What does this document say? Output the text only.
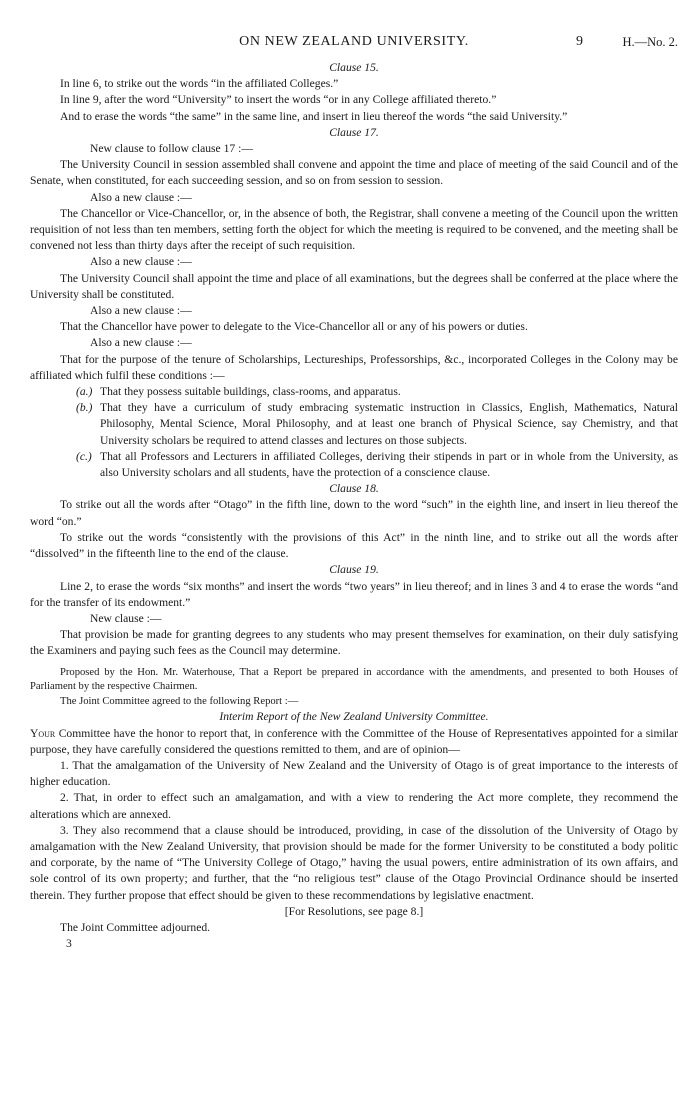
ON NEW ZEALAND UNIVERSITY.	9	H.—No. 2.

Clause 15.

In line 6, to strike out the words “in the affiliated Colleges.”

In line 9, after the word “University” to insert the words “or in any College affiliated thereto.”

And to erase the words “the same” in the same line, and insert in lieu thereof the words “the said University.”

Clause 17.

New clause to follow clause 17 :—

The University Council in session assembled shall convene and appoint the time and place of meeting of the said Council and of the Senate, when constituted, for each succeeding session, and so on from session to session.

Also a new clause :—

The Chancellor or Vice-Chancellor, or, in the absence of both, the Registrar, shall convene a meeting of the Council upon the written requisition of not less than ten members, setting forth the object for which the meeting is required to be convened, and the meeting shall be convened not less than thirty days after the receipt of such requisition.

Also a new clause :—

The University Council shall appoint the time and place of all examinations, but the degrees shall be conferred at the place where the University shall be constituted.

Also a new clause :—

That the Chancellor have power to delegate to the Vice-Chancellor all or any of his powers or duties.

Also a new clause :—

That for the purpose of the tenure of Scholarships, Lectureships, Professorships, &c., incorporated Colleges in the Colony may be affiliated which fulfil these conditions :—

(a.) That they possess suitable buildings, class-rooms, and apparatus.
(b.) That they have a curriculum of study embracing systematic instruction in Classics, English, Mathematics, Natural Philosophy, Mental Science, Moral Philosophy, and at least one branch of Physical Science, say Chemistry, and that University scholars be required to attend classes and lectures on those subjects.
(c.) That all Professors and Lecturers in affiliated Colleges, deriving their stipends in part or in whole from the University, as also University scholars and all students, have the protection of a conscience clause.

Clause 18.

To strike out all the words after “Otago” in the fifth line, down to the word “such” in the eighth line, and insert in lieu thereof the word “on.”

To strike out the words “consistently with the provisions of this Act” in the ninth line, and to strike out all the words after “dissolved” in the fifteenth line to the end of the clause.

Clause 19.

Line 2, to erase the words “six months” and insert the words “two years” in lieu thereof; and in lines 3 and 4 to erase the words “and for the transfer of its endowment.”

New clause :—

That provision be made for granting degrees to any students who may present themselves for examination, on their duly satisfying the Examiners and paying such fees as the Council may determine.

Proposed by the Hon. Mr. Waterhouse, That a Report be prepared in accordance with the amendments, and presented to both Houses of Parliament by the respective Chairmen.

The Joint Committee agreed to the following Report :—

Interim Report of the New Zealand University Committee.

Your Committee have the honor to report that, in conference with the Committee of the House of Representatives appointed for a similar purpose, they have carefully considered the questions remitted to them, and are of opinion—

1. That the amalgamation of the University of New Zealand and the University of Otago is of great importance to the interests of higher education.

2. That, in order to effect such an amalgamation, and with a view to rendering the Act more complete, they recommend the alterations which are annexed.

3. They also recommend that a clause should be introduced, providing, in case of the dissolution of the University of Otago by amalgamation with the New Zealand University, that provision should be made for the former University to be constituted a body politic and corporate, by the name of “The University College of Otago,” having the usual powers, entire administration of its own affairs, and sole control of its own property; and further, that the “no religious test” clause of the Otago Provincial Ordinance should be inserted therein. They further propose that effect should be given to these recommendations by legislative enactment.

[For Resolutions, see page 8.]

The Joint Committee adjourned.

3
